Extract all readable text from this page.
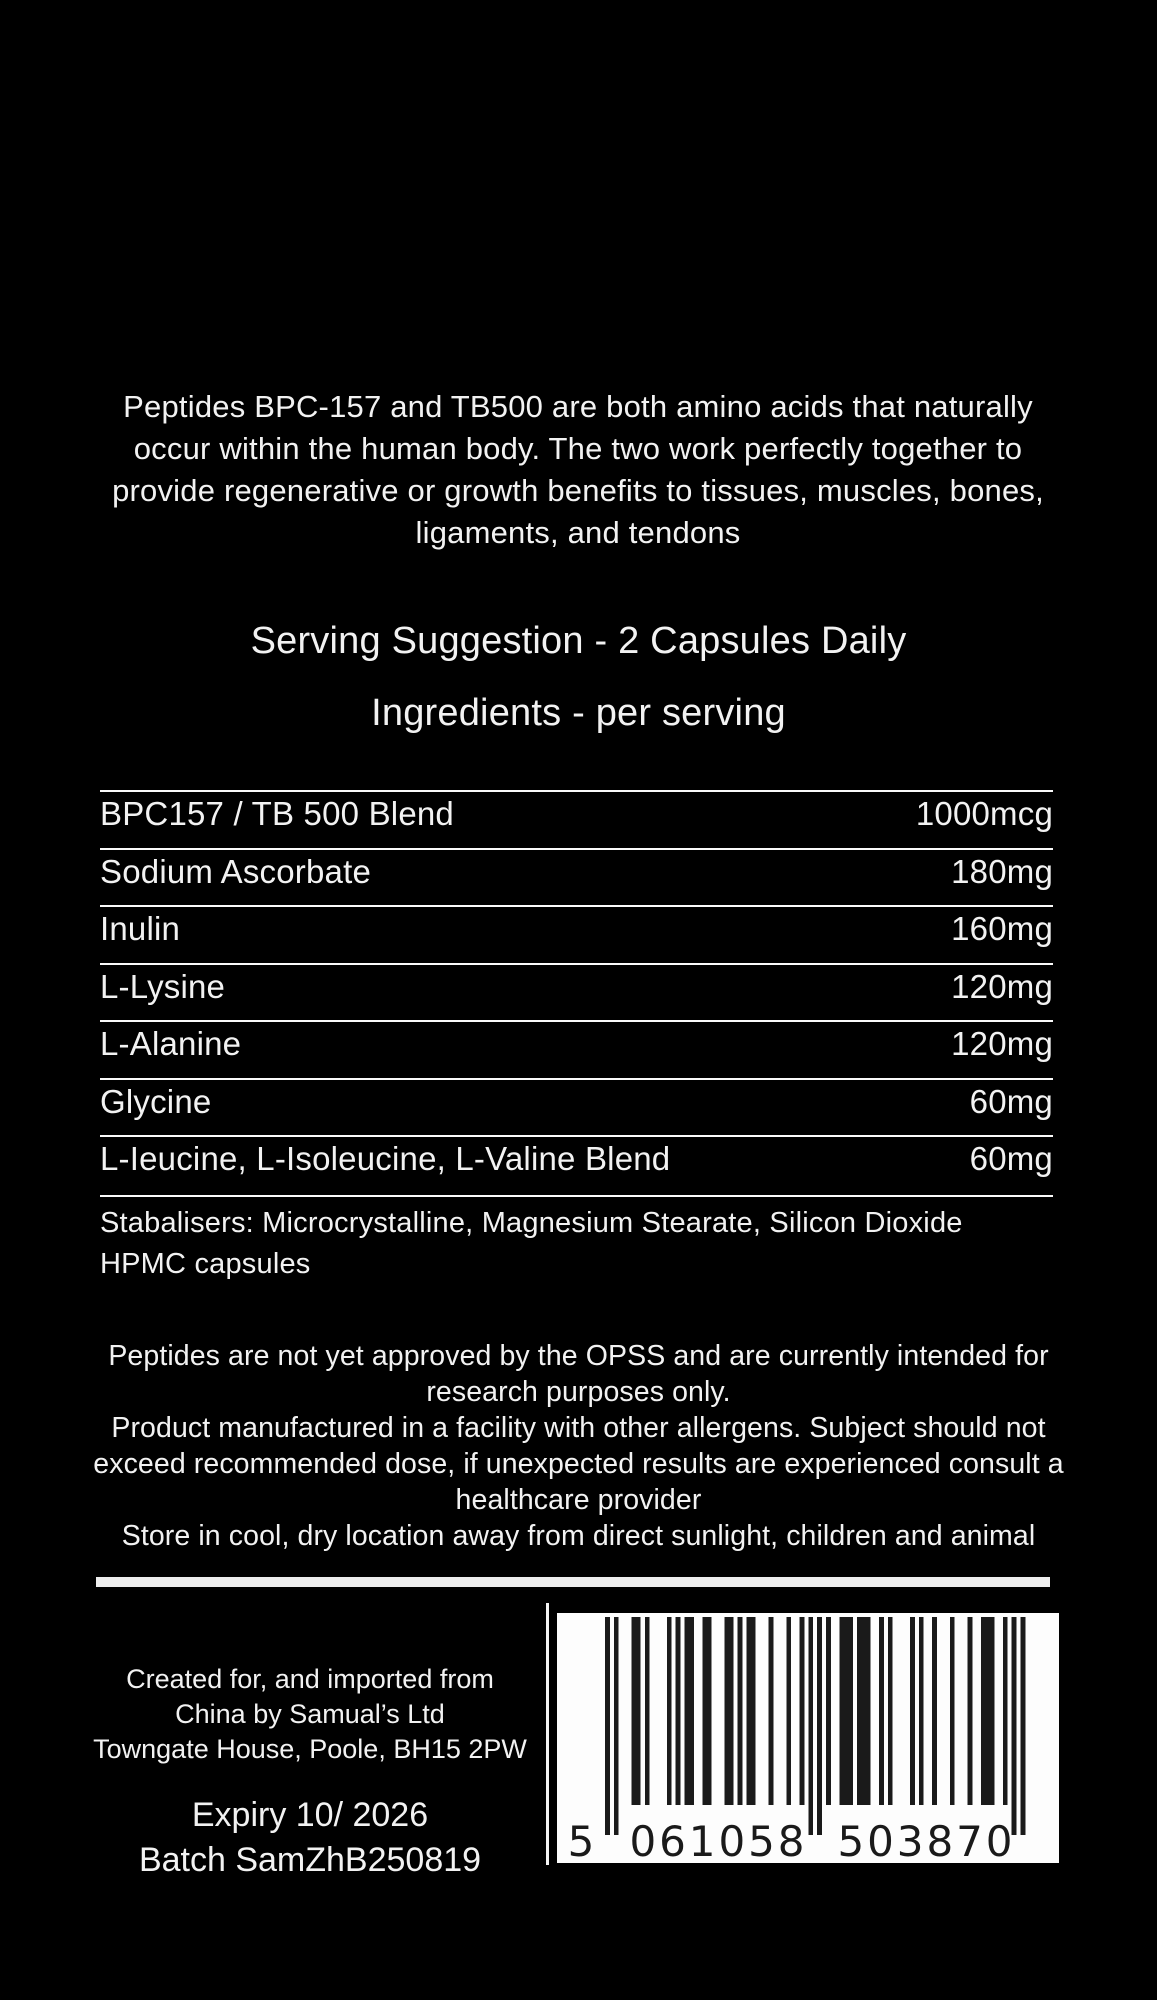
Peptides BPC-157 and TB500 are both amino acids that naturally occur within the human body. The two work perfectly together to provide regenerative or growth benefits to tissues, muscles, bones, ligaments, and tendons
Serving Suggestion - 2 Capsules Daily
Ingredients - per serving
BPC157 / TB 500 Blend	1000mcg
Sodium Ascorbate	180mg
Inulin	160mg
L-Lysine	120mg
L-Alanine	120mg
Glycine	60mg
L-Ieucine, L-Isoleucine, L-Valine Blend	60mg
Stabalisers: Microcrystalline, Magnesium Stearate, Silicon Dioxide
HPMC capsules

Peptides are not yet approved by the OPSS and are currently intended for research purposes only.

Product manufactured in a facility with other allergens. Subject should not exceed recommended dose, if unexpected results are experienced consult a healthcare provider

Store in cool, dry location away from direct sunlight, children and animal

Created for, and imported from
China by Samual’s Ltd
Towngate House, Poole, BH15 2PW
Expiry 10/ 2026
Batch SamZhB250819	5 061058 503870
